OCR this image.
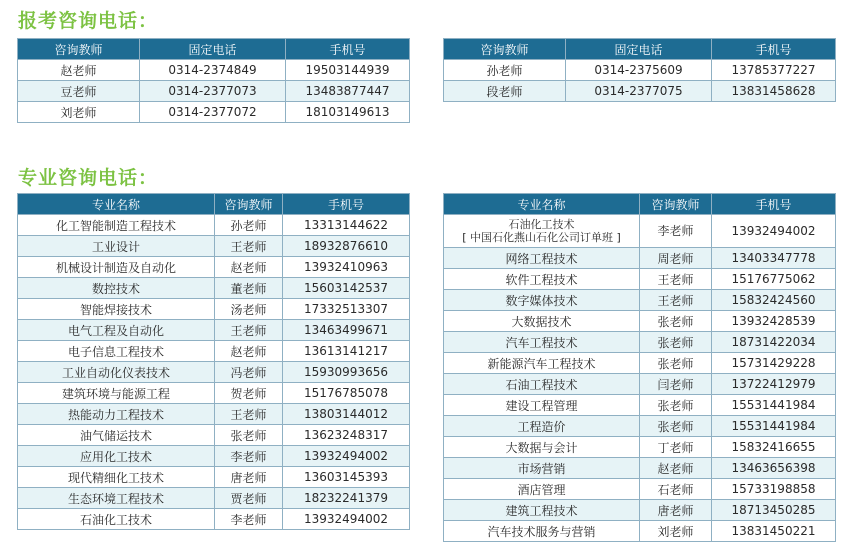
报考咨询电话：
咨询教师	固定电话	手机号
赵老师	0314-2374849	19503144939
豆老师	0314-2377073	13483877447
刘老师	0314-2377072	18103149613
咨询教师	固定电话	手机号
孙老师	0314-2375609	13785377227
段老师	0314-2377075	13831458628
专业咨询电话：
专业名称	咨询教师	手机号
化工智能制造工程技术	孙老师	13313144622
工业设计	王老师	18932876610
机械设计制造及自动化	赵老师	13932410963
数控技术	董老师	15603142537
智能焊接技术	汤老师	17332513307
电气工程及自动化	王老师	13463499671
电子信息工程技术	赵老师	13613141217
工业自动化仪表技术	冯老师	15930993656
建筑环境与能源工程	贺老师	15176785078
热能动力工程技术	王老师	13803144012
油气储运技术	张老师	13623248317
应用化工技术	李老师	13932494002
现代精细化工技术	唐老师	13603145393
生态环境工程技术	贾老师	18232241379
石油化工技术	李老师	13932494002
专业名称	咨询教师	手机号

石油化工技术
[ 中国石化燕山石化公司订单班 ]	李老师	13932494002
网络工程技术	周老师	13403347778
软件工程技术	王老师	15176775062
数字媒体技术	王老师	15832424560
大数据技术	张老师	13932428539
汽车工程技术	张老师	18731422034
新能源汽车工程技术	张老师	15731429228
石油工程技术	闫老师	13722412979
建设工程管理	张老师	15531441984
工程造价	张老师	15531441984
大数据与会计	丁老师	15832416655
市场营销	赵老师	13463656398
酒店管理	石老师	15733198858
建筑工程技术	唐老师	18713450285
汽车技术服务与营销	刘老师	13831450221
